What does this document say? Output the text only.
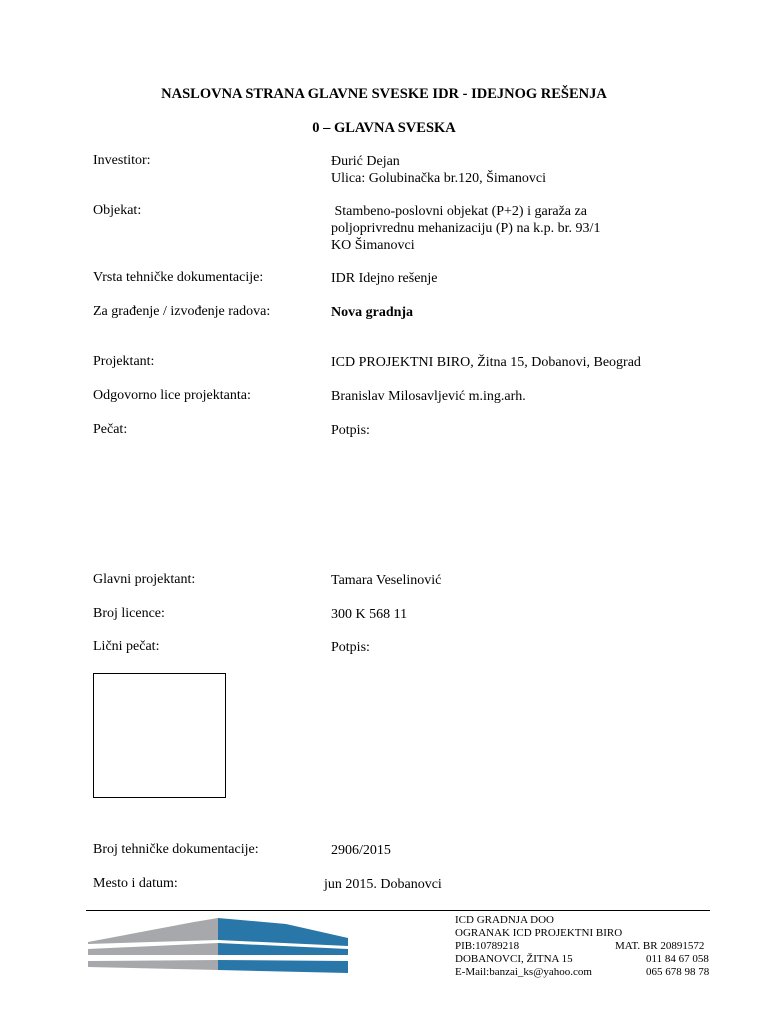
NASLOVNA STRANA GLAVNE SVESKE IDR - IDEJNOG REŠENJA
0 – GLAVNA SVESKA
Investitor:	Đurić Dejan
Ulica: Golubinačka br.120, Šimanovci
Objekat:	Stambeno-poslovni objekat (P+2) i garaža za
poljoprivrednu mehanizaciju (P) na k.p. br. 93/1
KO Šimanovci
Vrsta tehničke dokumentacije:	IDR Idejno rešenje
Za građenje / izvođenje radova:	Nova gradnja
Projektant:	ICD PROJEKTNI BIRO, Žitna 15, Dobanovi, Beograd
Odgovorno lice projektanta:	Branislav Milosavljević m.ing.arh.
Pečat:	Potpis:
Glavni projektant:	Tamara Veselinović
Broj licence:	300 K 568 11
Lični pečat:	Potpis:
Broj tehničke dokumentacije:	2906/2015
Mesto i datum:	jun 2015. Dobanovci
ICD GRADNJA DOO
OGRANAK ICD PROJEKTNI BIRO
PIB:10789218	MAT. BR 20891572
DOBANOVCI, ŽITNA 15	011 84 67 058
E-Mail:banzai_ks@yahoo.com	065 678 98 78
